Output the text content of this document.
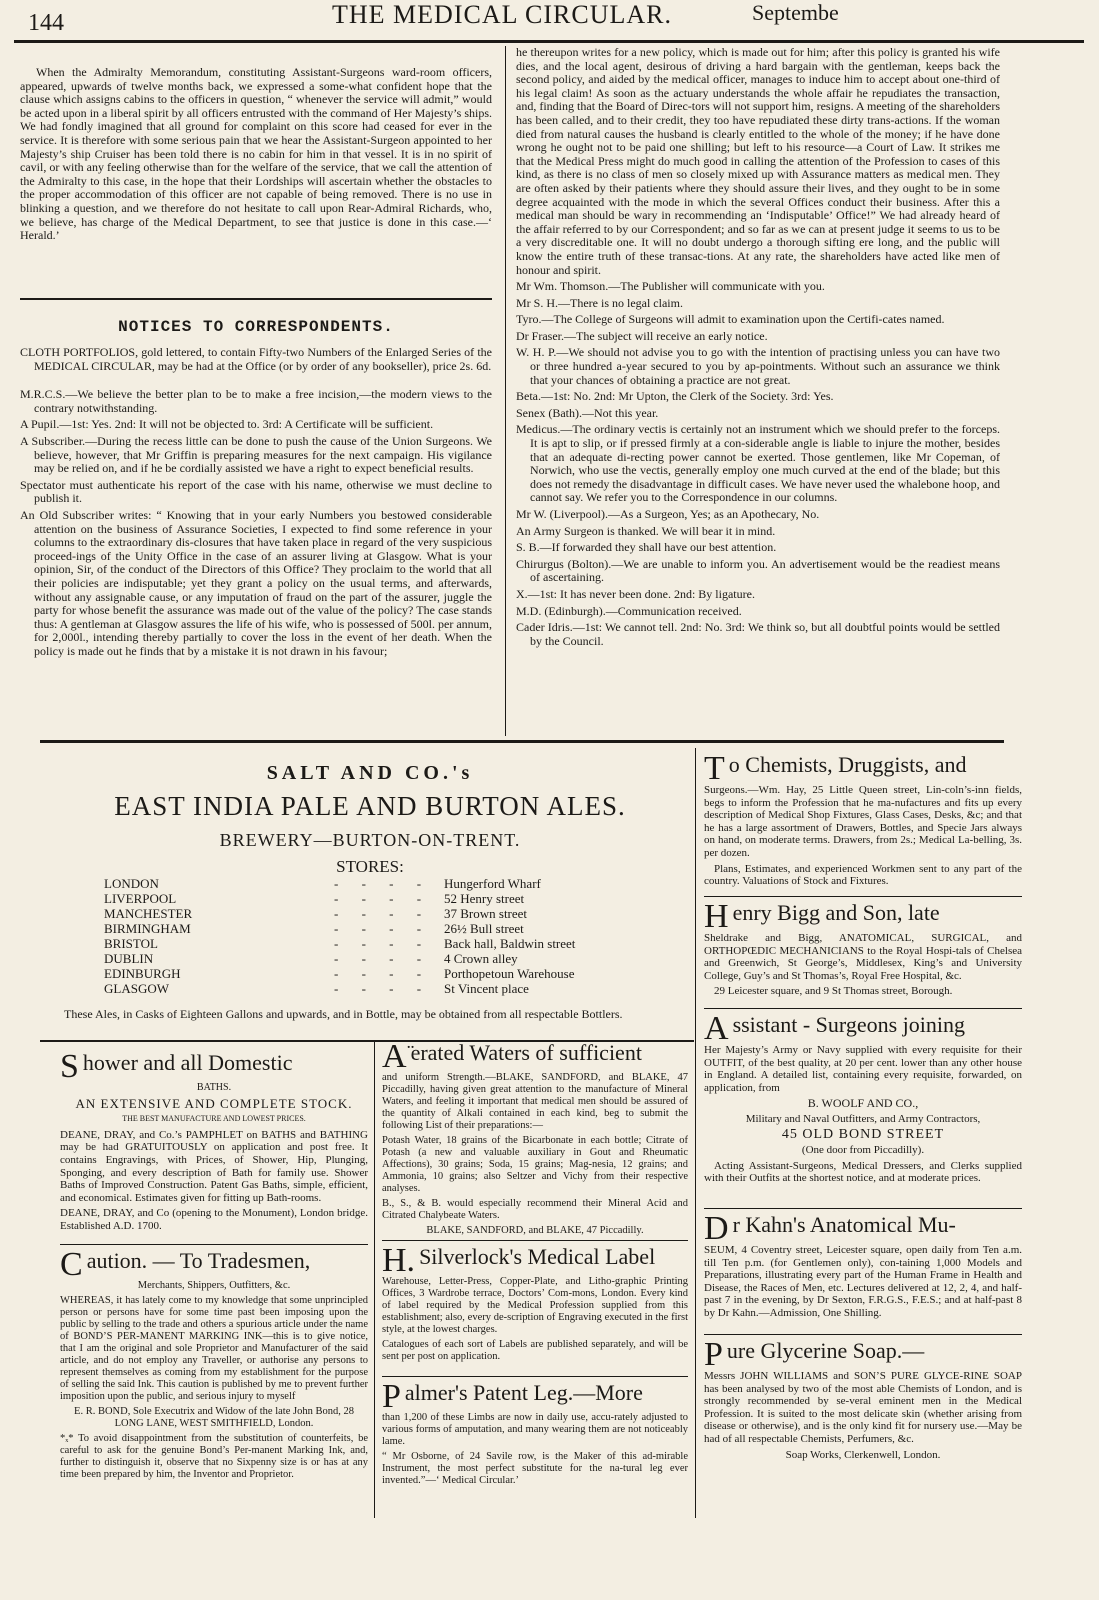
144	THE MEDICAL CIRCULAR.	Septembe

When the Admiralty Memorandum, constituting Assistant-Surgeons ward-room officers, appeared, upwards of twelve months back, we expressed a some-what confident hope that the clause which assigns cabins to the officers in question, “ whenever the service will admit,” would be acted upon in a liberal spirit by all officers entrusted with the command of Her Majesty’s ships. We had fondly imagined that all ground for complaint on this score had ceased for ever in the service. It is therefore with some serious pain that we hear the Assistant-Surgeon appointed to her Majesty’s ship Cruiser has been told there is no cabin for him in that vessel. It is in no spirit of cavil, or with any feeling otherwise than for the welfare of the service, that we call the attention of the Admiralty to this case, in the hope that their Lordships will ascertain whether the obstacles to the proper accommodation of this officer are not capable of being removed. There is no use in blinking a question, and we therefore do not hesitate to call upon Rear-Admiral Richards, who, we believe, has charge of the Medical Department, to see that justice is done in this case.—‘ Herald.’

NOTICES TO CORRESPONDENTS.

CLOTH PORTFOLIOS, gold lettered, to contain Fifty-two Numbers of the Enlarged Series of the MEDICAL CIRCULAR, may be had at the Office (or by order of any bookseller), price 2s. 6d.

M.R.C.S.—We believe the better plan to be to make a free incision,—the modern views to the contrary notwithstanding.

A Pupil.—1st: Yes. 2nd: It will not be objected to. 3rd: A Certificate will be sufficient.

A Subscriber.—During the recess little can be done to push the cause of the Union Surgeons. We believe, however, that Mr Griffin is preparing measures for the next campaign. His vigilance may be relied on, and if he be cordially assisted we have a right to expect beneficial results.

Spectator must authenticate his report of the case with his name, otherwise we must decline to publish it.

An Old Subscriber writes: “ Knowing that in your early Numbers you bestowed considerable attention on the business of Assurance Societies, I expected to find some reference in your columns to the extraordinary dis-closures that have taken place in regard of the very suspicious proceed-ings of the Unity Office in the case of an assurer living at Glasgow. What is your opinion, Sir, of the conduct of the Directors of this Office? They proclaim to the world that all their policies are indisputable; yet they grant a policy on the usual terms, and afterwards, without any assignable cause, or any imputation of fraud on the part of the assurer, juggle the party for whose benefit the assurance was made out of the value of the policy? The case stands thus: A gentleman at Glasgow assures the life of his wife, who is possessed of 500l. per annum, for 2,000l., intending thereby partially to cover the loss in the event of her death. When the policy is made out he finds that by a mistake it is not drawn in his favour;

he thereupon writes for a new policy, which is made out for him; after this policy is granted his wife dies, and the local agent, desirous of driving a hard bargain with the gentleman, keeps back the second policy, and aided by the medical officer, manages to induce him to accept about one-third of his legal claim! As soon as the actuary understands the whole affair he repudiates the transaction, and, finding that the Board of Direc-tors will not support him, resigns. A meeting of the shareholders has been called, and to their credit, they too have repudiated these dirty trans-actions. If the woman died from natural causes the husband is clearly entitled to the whole of the money; if he have done wrong he ought not to be paid one shilling; but left to his resource—a Court of Law. It strikes me that the Medical Press might do much good in calling the attention of the Profession to cases of this kind, as there is no class of men so closely mixed up with Assurance matters as medical men. They are often asked by their patients where they should assure their lives, and they ought to be in some degree acquainted with the mode in which the several Offices conduct their business. After this a medical man should be wary in recommending an ‘Indisputable’ Office!” We had already heard of the affair referred to by our Correspondent; and so far as we can at present judge it seems to us to be a very discreditable one. It will no doubt undergo a thorough sifting ere long, and the public will know the entire truth of these transac-tions. At any rate, the shareholders have acted like men of honour and spirit.

Mr Wm. Thomson.—The Publisher will communicate with you.

Mr S. H.—There is no legal claim.

Tyro.—The College of Surgeons will admit to examination upon the Certifi-cates named.

Dr Fraser.—The subject will receive an early notice.

W. H. P.—We should not advise you to go with the intention of practising unless you can have two or three hundred a-year secured to you by ap-pointments. Without such an assurance we think that your chances of obtaining a practice are not great.

Beta.—1st: No. 2nd: Mr Upton, the Clerk of the Society. 3rd: Yes.

Senex (Bath).—Not this year.

Medicus.—The ordinary vectis is certainly not an instrument which we should prefer to the forceps. It is apt to slip, or if pressed firmly at a con-siderable angle is liable to injure the mother, besides that an adequate di-recting power cannot be exerted. Those gentlemen, like Mr Copeman, of Norwich, who use the vectis, generally employ one much curved at the end of the blade; but this does not remedy the disadvantage in difficult cases. We have never used the whalebone hoop, and cannot say. We refer you to the Correspondence in our columns.

Mr W. (Liverpool).—As a Surgeon, Yes; as an Apothecary, No.

An Army Surgeon is thanked. We will bear it in mind.

S. B.—If forwarded they shall have our best attention.

Chirurgus (Bolton).—We are unable to inform you. An advertisement would be the readiest means of ascertaining.

X.—1st: It has never been done. 2nd: By ligature.

M.D. (Edinburgh).—Communication received.

Cader Idris.—1st: We cannot tell. 2nd: No. 3rd: We think so, but all doubtful points would be settled by the Council.

SALT AND CO.'s
EAST INDIA PALE AND BURTON ALES.
BREWERY—BURTON-ON-TRENT.
STORES:
LONDON	- - - - Hungerford Wharf
LIVERPOOL	- - - - 52 Henry street
MANCHESTER	- - - - 37 Brown street
BIRMINGHAM	- - - - 26½ Bull street
BRISTOL	- - - - Back hall, Baldwin street
DUBLIN	- - - - 4 Crown alley
EDINBURGH	- - - - Porthopetoun Warehouse
GLASGOW	- - - - St Vincent place
These Ales, in Casks of Eighteen Gallons and upwards, and in Bottle, may be obtained from all respectable Bottlers.
To Chemists, Druggists, and

Surgeons.—Wm. Hay, 25 Little Queen street, Lin-coln’s-inn fields, begs to inform the Profession that he ma-nufactures and fits up every description of Medical Shop Fixtures, Glass Cases, Desks, &c; and that he has a large assortment of Drawers, Bottles, and Specie Jars always on hand, on moderate terms. Drawers, from 2s.; Medical La-belling, 3s. per dozen.

Plans, Estimates, and experienced Workmen sent to any part of the country. Valuations of Stock and Fixtures.

Henry Bigg and Son, late

Sheldrake and Bigg, ANATOMICAL, SURGICAL, and ORTHOPŒDIC MECHANICIANS to the Royal Hospi-tals of Chelsea and Greenwich, St George’s, Middlesex, King’s and University College, Guy’s and St Thomas’s, Royal Free Hospital, &c.

29 Leicester square, and 9 St Thomas street, Borough.

Assistant - Surgeons joining

Her Majesty’s Army or Navy supplied with every requisite for their OUTFIT, of the best quality, at 20 per cent. lower than any other house in England. A detailed list, containing every requisite, forwarded, on application, from

B. WOOLF AND CO.,

Military and Naval Outfitters, and Army Contractors,

45 OLD BOND STREET

(One door from Piccadilly).

Acting Assistant-Surgeons, Medical Dressers, and Clerks supplied with their Outfits at the shortest notice, and at moderate prices.

Dr Kahn's Anatomical Mu-
SEUM, 4 Coventry street, Leicester square, open daily from Ten a.m. till Ten p.m. (for Gentlemen only), con-taining 1,000 Models and Preparations, illustrating every part of the Human Frame in Health and Disease, the Races of Men, etc. Lectures delivered at 12, 2, 4, and half-past 7 in the evening, by Dr Sexton, F.R.G.S., F.E.S.; and at half-past 8 by Dr Kahn.—Admission, One Shilling.
Pure Glycerine Soap.—

Messrs JOHN WILLIAMS and SON’S PURE GLYCE-RINE SOAP has been analysed by two of the most able Chemists of London, and is strongly recommended by se-veral eminent men in the Medical Profession. It is suited to the most delicate skin (whether arising from disease or otherwise), and is the only kind fit for nursery use.—May be had of all respectable Chemists, Perfumers, &c.

Soap Works, Clerkenwell, London.

Shower and all Domestic

BATHS.

AN EXTENSIVE AND COMPLETE STOCK.

THE BEST MANUFACTURE AND LOWEST PRICES.

DEANE, DRAY, and Co.’s PAMPHLET on BATHS and BATHING may be had GRATUITOUSLY on application and post free. It contains Engravings, with Prices, of Shower, Hip, Plunging, Sponging, and every description of Bath for family use. Shower Baths of Improved Construction. Patent Gas Baths, simple, efficient, and economical. Estimates given for fitting up Bath-rooms.

DEANE, DRAY, and Co (opening to the Monument), London bridge. Established A.D. 1700.

Caution. — To Tradesmen,

Merchants, Shippers, Outfitters, &c.

WHEREAS, it has lately come to my knowledge that some unprincipled person or persons have for some time past been imposing upon the public by selling to the trade and others a spurious article under the name of BOND’S PER-MANENT MARKING INK—this is to give notice, that I am the original and sole Proprietor and Manufacturer of the said article, and do not employ any Traveller, or authorise any persons to represent themselves as coming from my establishment for the purpose of selling the said Ink. This caution is published by me to prevent further imposition upon the public, and serious injury to myself

E. R. BOND, Sole Executrix and Widow of the late John Bond, 28 LONG LANE, WEST SMITHFIELD, London.

*ₓ* To avoid disappointment from the substitution of counterfeits, be careful to ask for the genuine Bond’s Per-manent Marking Ink, and, further to distinguish it, observe that no Sixpenny size is or has at any time been prepared by him, the Inventor and Proprietor.

A ̈erated Waters of sufficient

and uniform Strength.—BLAKE, SANDFORD, and BLAKE, 47 Piccadilly, having given great attention to the manufacture of Mineral Waters, and feeling it important that medical men should be assured of the quantity of Alkali contained in each kind, beg to submit the following List of their preparations:—

Potash Water, 18 grains of the Bicarbonate in each bottle; Citrate of Potash (a new and valuable auxiliary in Gout and Rheumatic Affections), 30 grains; Soda, 15 grains; Mag-nesia, 12 grains; and Ammonia, 10 grains; also Seltzer and Vichy from their respective analyses.

B., S., & B. would especially recommend their Mineral Acid and Citrated Chalybeate Waters.

BLAKE, SANDFORD, and BLAKE, 47 Piccadilly.

H. Silverlock's Medical Label

Warehouse, Letter-Press, Copper-Plate, and Litho-graphic Printing Offices, 3 Wardrobe terrace, Doctors’ Com-mons, London. Every kind of label required by the Medical Profession supplied from this establishment; also, every de-scription of Engraving executed in the first style, at the lowest charges.

Catalogues of each sort of Labels are published separately, and will be sent per post on application.

Palmer's Patent Leg.—More

than 1,200 of these Limbs are now in daily use, accu-rately adjusted to various forms of amputation, and many wearing them are not noticeably lame.

“ Mr Osborne, of 24 Savile row, is the Maker of this ad-mirable Instrument, the most perfect substitute for the na-tural leg ever invented.”—‘ Medical Circular.’
